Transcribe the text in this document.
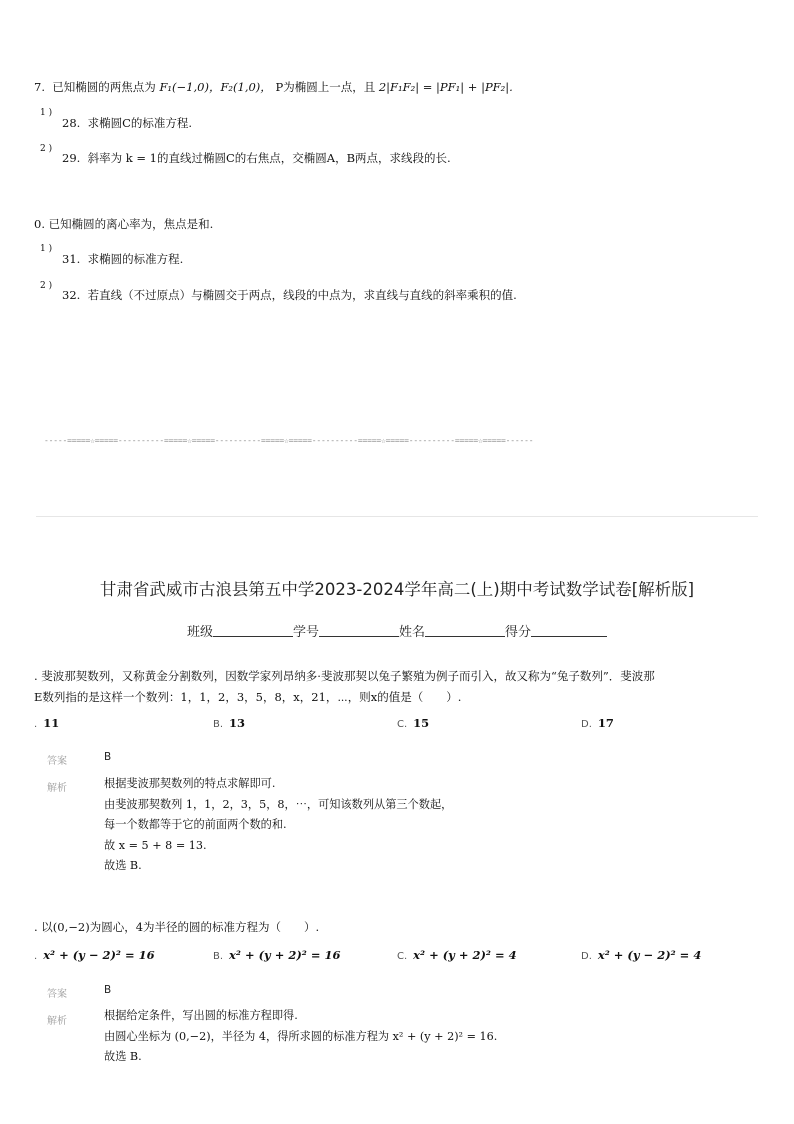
7. 已知椭圆的两焦点为 F₁(−1,0)，F₂(1,0)， P为椭圆上一点，且 2|F₁F₂| = |PF₁| + |PF₂|.
1 )
28. 求椭圆C的标准方程.
2 )
29. 斜率为 k = 1的直线过椭圆C的右焦点，交椭圆A，B两点，求线段的长.
0. 已知椭圆的离心率为，焦点是和.
1 )
31. 求椭圆的标准方程.
2 )
32. 若直线（不过原点）与椭圆交于两点，线段的中点为，求直线与直线的斜率乘积的值.
-----=====☆=====----------=====☆=====----------=====☆=====----------=====☆=====----------=====☆=====------
甘肃省武威市古浪县第五中学2023-2024学年高二(上)期中考试数学试卷[解析版]
班级	学号	姓名	得分
. 斐波那契数列，又称黄金分割数列，因数学家列昂纳多·斐波那契以兔子繁殖为例子而引入，故又称为“兔子数列”．斐波那
E数列指的是这样一个数列：1，1，2，3，5，8，x，21，⋯，则x的值是（　　）.
. 11	B. 13	C. 15	D. 17
答案	B
解析	根据斐波那契数列的特点求解即可.
由斐波那契数列 1，1，2，3，5，8，⋯，可知该数列从第三个数起，
每一个数都等于它的前面两个数的和.
故 x = 5 + 8 = 13.
故选 B.
. 以(0,−2)为圆心，4为半径的圆的标准方程为（　　）.
. x² + (y − 2)² = 16	B. x² + (y + 2)² = 16	C. x² + (y + 2)² = 4	D. x² + (y − 2)² = 4
答案	B
解析	根据给定条件，写出圆的标准方程即得.
由圆心坐标为 (0,−2)，半径为 4，得所求圆的标准方程为 x² + (y + 2)² = 16.
故选 B.
